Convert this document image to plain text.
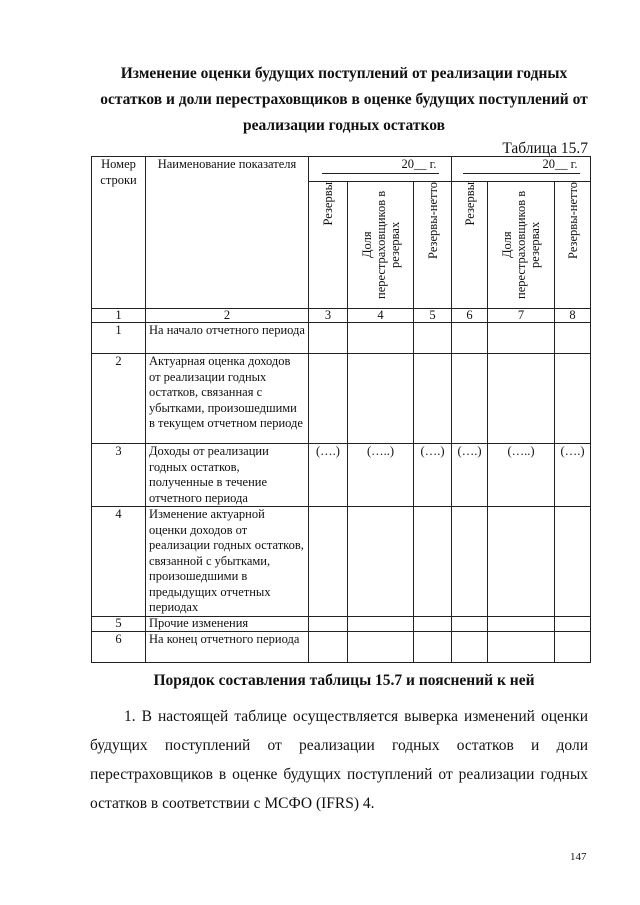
Изменение оценки будущих поступлений от реализации годных остатков и доли перестраховщиков в оценке будущих поступлений от реализации годных остатков
Таблица 15.7
Номер строки	Наименование показателя	20__ г.			20__ г.		

		Резервы	Доля перестраховщиков в резервах	Резервы-нетто	Резервы	Доля перестраховщиков в резервах	Резервы-нетто

1	2	3	4	5	6	7	8
1	На начало отчетного периода						
2	Актуарная оценка доходов от реализации годных остатков, связанная с убытками, произошедшими в текущем отчетном периоде						
3	Доходы от реализации годных остатков, полученные в течение отчетного периода	(….)	(…..)	(….)	(….)	(…..)	(….)
4	Изменение актуарной оценки доходов от реализации годных остатков, связанной с убытками, произошедшими в предыдущих отчетных периодах						
5	Прочие изменения						
6	На конец отчетного периода						
Порядок составления таблицы 15.7 и пояснений к ней
1. В настоящей таблице осуществляется выверка изменений оценки будущих поступлений от реализации годных остатков и доли перестраховщиков в оценке будущих поступлений от реализации годных остатков в соответствии с МСФО (IFRS) 4.
147
